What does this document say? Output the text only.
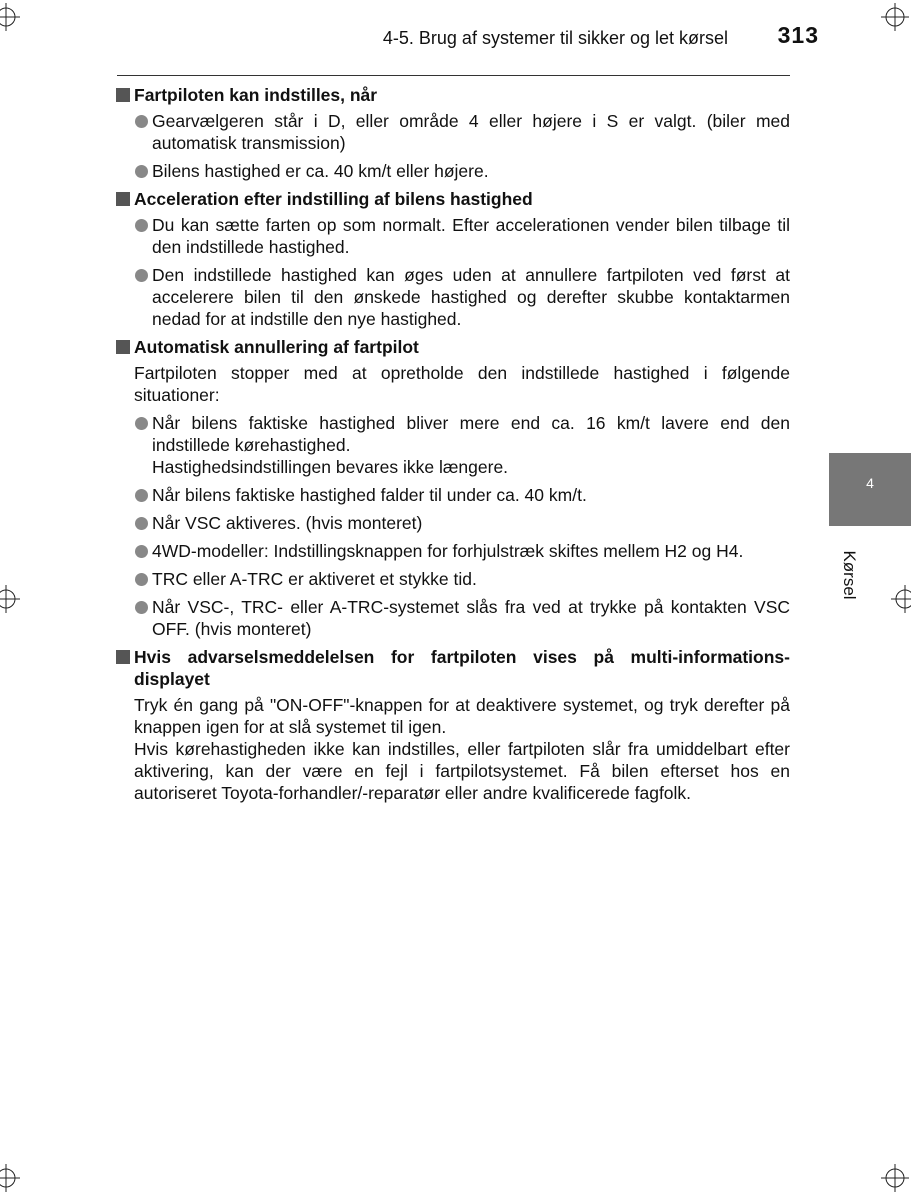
4-5. Brug af systemer til sikker og let kørsel 313
4
Kørsel
Fartpiloten kan indstilles, når
Gearvælgeren står i D, eller område 4 eller højere i S er valgt. (biler med automatisk transmission)
Bilens hastighed er ca. 40 km/t eller højere.
Acceleration efter indstilling af bilens hastighed
Du kan sætte farten op som normalt. Efter accelerationen vender bilen tilbage til den indstillede hastighed.
Den indstillede hastighed kan øges uden at annullere fartpiloten ved først at accelerere bilen til den ønskede hastighed og derefter skubbe kontaktarmen nedad for at indstille den nye hastighed.
Automatisk annullering af fartpilot
Fartpiloten stopper med at opretholde den indstillede hastighed i følgende situationer:
Når bilens faktiske hastighed bliver mere end ca. 16 km/t lavere end den indstillede kørehastighed.
Hastighedsindstillingen bevares ikke længere.
Når bilens faktiske hastighed falder til under ca. 40 km/t.
Når VSC aktiveres. (hvis monteret)
4WD-modeller: Indstillingsknappen for forhjulstræk skiftes mellem H2 og H4.
TRC eller A-TRC er aktiveret et stykke tid.
Når VSC-, TRC- eller A-TRC-systemet slås fra ved at trykke på kontakten VSC OFF. (hvis monteret)
Hvis advarselsmeddelelsen for fartpiloten vises på multi-informations-displayet
Tryk én gang på "ON-OFF"-knappen for at deaktivere systemet, og tryk derefter på knappen igen for at slå systemet til igen.
Hvis kørehastigheden ikke kan indstilles, eller fartpiloten slår fra umiddelbart efter aktivering, kan der være en fejl i fartpilotsystemet. Få bilen efterset hos en autoriseret Toyota-forhandler/-reparatør eller andre kvalificerede fagfolk.
